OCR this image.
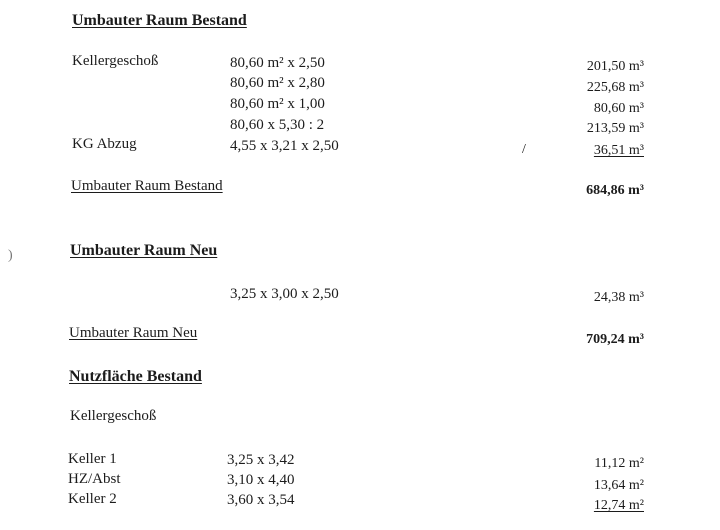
Umbauter Raum Bestand
Kellergeschoß	80,60 m² x 2,50	201,50 m³
80,60 m² x 2,80	225,68 m³
80,60 m² x 1,00	80,60 m³
80,60 x 5,30 : 2	213,59 m³
KG Abzug	4,55 x 3,21 x 2,50	/	36,51 m³
Umbauter Raum Bestand	684,86 m³
)	Umbauter Raum Neu
3,25 x 3,00 x 2,50	24,38 m³
Umbauter Raum Neu	709,24 m³
Nutzfläche Bestand
Kellergeschoß
Keller 1	3,25 x 3,42	11,12 m²
HZ/Abst	3,10 x 4,40	13,64 m²
Keller 2	3,60 x 3,54	12,74 m²
